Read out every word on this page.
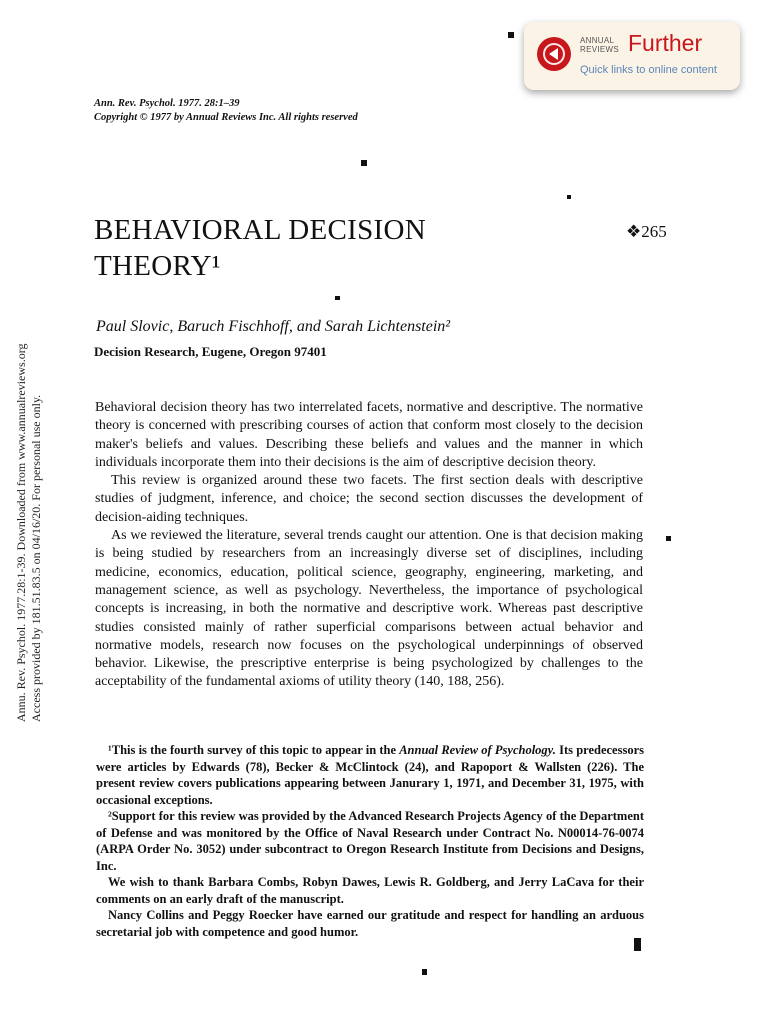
ANNUAL
REVIEWS Further
Quick links to online content
Ann. Rev. Psychol. 1977. 28:1–39
Copyright © 1977 by Annual Reviews Inc. All rights reserved
BEHAVIORAL DECISION
THEORY¹
❖265
Paul Slovic, Baruch Fischhoff, and Sarah Lichtenstein²
Decision Research, Eugene, Oregon 97401

Behavioral decision theory has two interrelated facets, normative and descriptive. The normative theory is concerned with prescribing courses of action that conform most closely to the decision maker's beliefs and values. Describing these beliefs and values and the manner in which individuals incorporate them into their decisions is the aim of descriptive decision theory.

This review is organized around these two facets. The first section deals with descriptive studies of judgment, inference, and choice; the second section discusses the development of decision-aiding techniques.

As we reviewed the literature, several trends caught our attention. One is that decision making is being studied by researchers from an increasingly diverse set of disciplines, including medicine, economics, education, political science, geography, engineering, marketing, and management science, as well as psychology. Nevertheless, the importance of psychological concepts is increasing, in both the normative and descriptive work. Whereas past descriptive studies consisted mainly of rather superficial comparisons between actual behavior and normative models, research now focuses on the psychological underpinnings of observed behavior. Likewise, the prescriptive enterprise is being psychologized by challenges to the acceptability of the fundamental axioms of utility theory (140, 188, 256).

¹This is the fourth survey of this topic to appear in the Annual Review of Psychology. Its predecessors were articles by Edwards (78), Becker & McClintock (24), and Rapoport & Wallsten (226). The present review covers publications appearing between Janurary 1, 1971, and December 31, 1975, with occasional exceptions.

²Support for this review was provided by the Advanced Research Projects Agency of the Department of Defense and was monitored by the Office of Naval Research under Contract No. N00014-76-0074 (ARPA Order No. 3052) under subcontract to Oregon Research Institute from Decisions and Designs, Inc.

We wish to thank Barbara Combs, Robyn Dawes, Lewis R. Goldberg, and Jerry LaCava for their comments on an early draft of the manuscript.

Nancy Collins and Peggy Roecker have earned our gratitude and respect for handling an arduous secretarial job with competence and good humor.

Annu. Rev. Psychol. 1977.28:1-39. Downloaded from www.annualreviews.org Access provided by 181.51.83.5 on 04/16/20. For personal use only.
